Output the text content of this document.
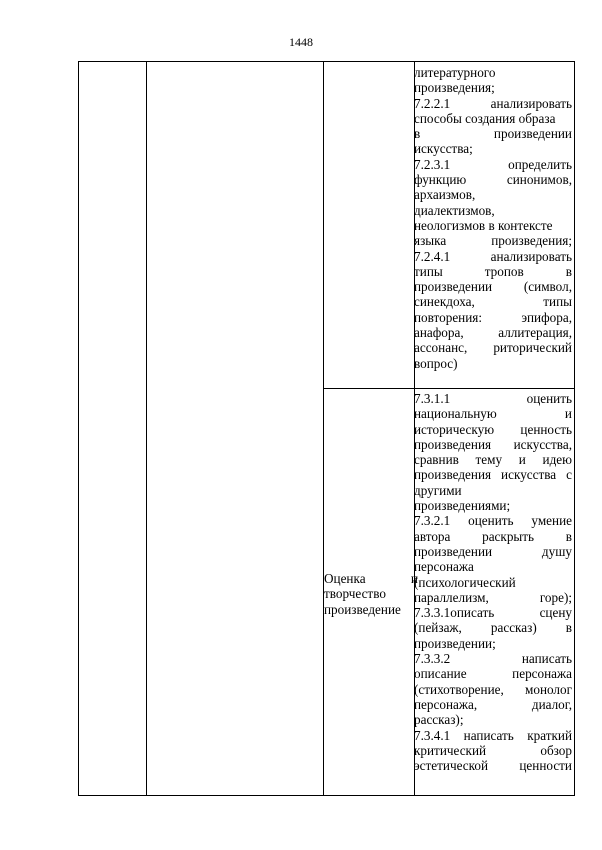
1448
литературного
произведения;
7.2.2.1 анализировать
способы создания образа
в произведении
искусства;
7.2.3.1 определить
функцию синонимов,
архаизмов,
диалектизмов,
неологизмов в контексте
языка произведения;
7.2.4.1 анализировать
типы тропов в
произведении (символ,
синекдоха, типы
повторения: эпифора,
анафора, аллитерация,
ассонанс, риторический
вопрос)
7.3.1.1 оценить
национальную и
историческую ценность
произведения искусства,
сравнив тему и идею
произведения искусства с
другими
произведениями;
7.3.2.1 оценить умение
автора раскрыть в
произведении душу
персонажа
(психологический
параллелизм, горе);
7.3.3.1описать сцену
(пейзаж, рассказ) в
произведении;
7.3.3.2 написать
описание персонажа
(стихотворение, монолог
персонажа, диалог,
рассказ);
7.3.4.1 написать краткий
критический обзор
эстетической ценности
Оценка и
творчество
произведение
